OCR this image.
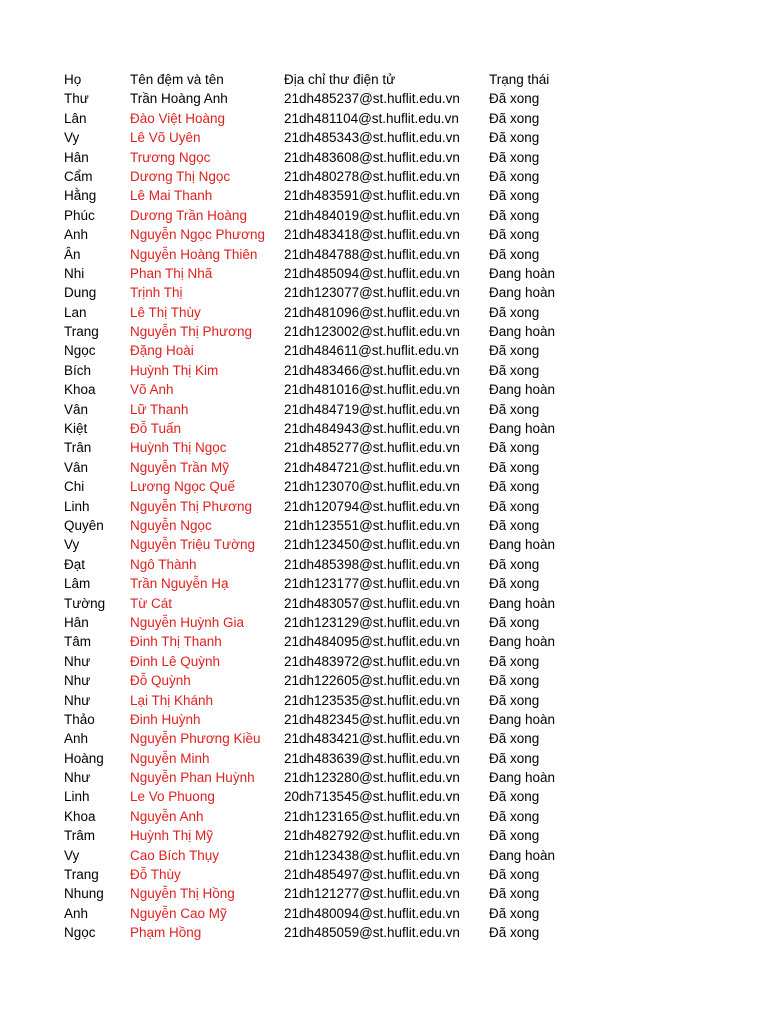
Họ	Tên đệm và tên	Địa chỉ thư điện tử	Trạng thái
Thư	Trần Hoàng Anh	21dh485237@st.huflit.edu.vn	Đã xong
Lân	Đào Việt Hoàng	21dh481104@st.huflit.edu.vn	Đã xong
Vy	Lê Võ Uyên	21dh485343@st.huflit.edu.vn	Đã xong
Hân	Trương Ngọc	21dh483608@st.huflit.edu.vn	Đã xong
Cẩm	Dương Thị Ngọc	21dh480278@st.huflit.edu.vn	Đã xong
Hằng	Lê Mai Thanh	21dh483591@st.huflit.edu.vn	Đã xong
Phúc	Dương Trần Hoàng	21dh484019@st.huflit.edu.vn	Đã xong
Anh	Nguyễn Ngọc Phương	21dh483418@st.huflit.edu.vn	Đã xong
Ân	Nguyễn Hoàng Thiên	21dh484788@st.huflit.edu.vn	Đã xong
Nhi	Phan Thị Nhã	21dh485094@st.huflit.edu.vn	Đang hoàn
Dung	Trịnh Thị	21dh123077@st.huflit.edu.vn	Đang hoàn
Lan	Lê Thị Thùy	21dh481096@st.huflit.edu.vn	Đã xong
Trang	Nguyễn Thị Phương	21dh123002@st.huflit.edu.vn	Đang hoàn
Ngọc	Đặng Hoài	21dh484611@st.huflit.edu.vn	Đã xong
Bích	Huỳnh Thị Kim	21dh483466@st.huflit.edu.vn	Đã xong
Khoa	Võ Anh	21dh481016@st.huflit.edu.vn	Đang hoàn
Vân	Lữ Thanh	21dh484719@st.huflit.edu.vn	Đã xong
Kiệt	Đỗ Tuấn	21dh484943@st.huflit.edu.vn	Đang hoàn
Trân	Huỳnh Thị Ngọc	21dh485277@st.huflit.edu.vn	Đã xong
Vân	Nguyễn Trần Mỹ	21dh484721@st.huflit.edu.vn	Đã xong
Chi	Lương Ngọc Quế	21dh123070@st.huflit.edu.vn	Đã xong
Linh	Nguyễn Thị Phương	21dh120794@st.huflit.edu.vn	Đã xong
Quyên	Nguyễn Ngọc	21dh123551@st.huflit.edu.vn	Đã xong
Vy	Nguyễn Triệu Tường	21dh123450@st.huflit.edu.vn	Đang hoàn
Đạt	Ngô Thành	21dh485398@st.huflit.edu.vn	Đã xong
Lâm	Trần Nguyễn Hạ	21dh123177@st.huflit.edu.vn	Đã xong
Tường	Từ Cát	21dh483057@st.huflit.edu.vn	Đang hoàn
Hân	Nguyễn Huỳnh Gia	21dh123129@st.huflit.edu.vn	Đã xong
Tâm	Đinh Thị Thanh	21dh484095@st.huflit.edu.vn	Đang hoàn
Như	Đinh Lê Quỳnh	21dh483972@st.huflit.edu.vn	Đã xong
Như	Đỗ Quỳnh	21dh122605@st.huflit.edu.vn	Đã xong
Như	Lại Thị Khánh	21dh123535@st.huflit.edu.vn	Đã xong
Thảo	Đinh Huỳnh	21dh482345@st.huflit.edu.vn	Đang hoàn
Anh	Nguyễn Phương Kiều	21dh483421@st.huflit.edu.vn	Đã xong
Hoàng	Nguyễn Minh	21dh483639@st.huflit.edu.vn	Đã xong
Như	Nguyễn Phan Huỳnh	21dh123280@st.huflit.edu.vn	Đang hoàn
Linh	Le Vo Phuong	20dh713545@st.huflit.edu.vn	Đã xong
Khoa	Nguyễn Anh	21dh123165@st.huflit.edu.vn	Đã xong
Trâm	Huỳnh Thị Mỹ	21dh482792@st.huflit.edu.vn	Đã xong
Vy	Cao Bích Thụy	21dh123438@st.huflit.edu.vn	Đang hoàn
Trang	Đỗ Thùy	21dh485497@st.huflit.edu.vn	Đã xong
Nhung	Nguyễn Thị Hồng	21dh121277@st.huflit.edu.vn	Đã xong
Anh	Nguyễn Cao Mỹ	21dh480094@st.huflit.edu.vn	Đã xong
Ngọc	Phạm Hồng	21dh485059@st.huflit.edu.vn	Đã xong
